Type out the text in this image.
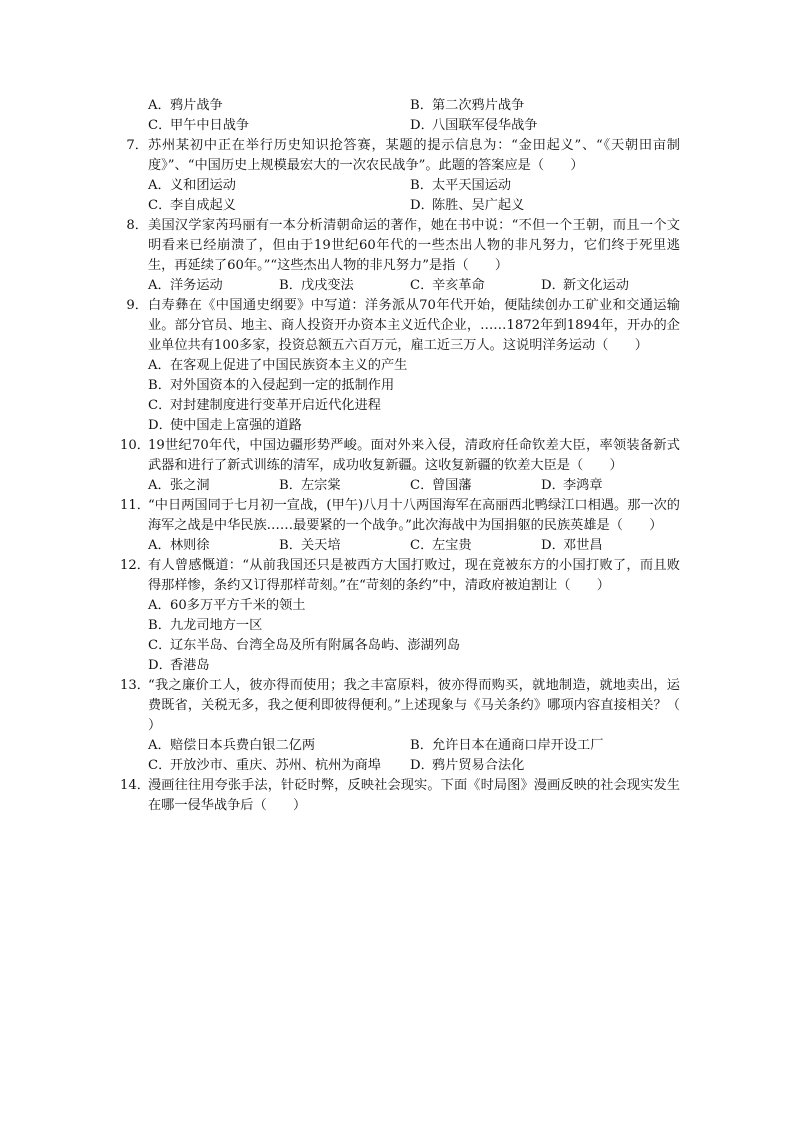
A．鸦片战争	B．第二次鸦片战争
C．甲午中日战争	D．八国联军侵华战争
7． 苏州某初中正在举行历史知识抢答赛，某题的提示信息为：“金田起义”、“《天朝田亩制度》”、“中国历史上规模最宏大的一次农民战争”。此题的答案应是（　　）
A．义和团运动	B．太平天国运动
C．李自成起义	D．陈胜、吴广起义
8． 美国汉学家芮玛丽有一本分析清朝命运的著作，她在书中说：“不但一个王朝，而且一个文明看来已经崩溃了，但由于19世纪60年代的一些杰出人物的非凡努力，它们终于死里逃生，再延续了60年。”“这些杰出人物的非凡努力”是指（　　）
A．洋务运动	B．戊戌变法	C．辛亥革命	D．新文化运动
9． 白寿彝在《中国通史纲要》中写道：洋务派从70年代开始，便陆续创办工矿业和交通运输业。部分官员、地主、商人投资开办资本主义近代企业，……1872年到1894年，开办的企业单位共有100多家，投资总额五六百万元，雇工近三万人。这说明洋务运动（　　）
A．在客观上促进了中国民族资本主义的产生
B．对外国资本的入侵起到一定的抵制作用
C．对封建制度进行变革开启近代化进程
D．使中国走上富强的道路
10．
19世纪70年代，中国边疆形势严峻。面对外来入侵，清政府任命钦差大臣，率领装备新式武器和进行了新式训练的清军，成功收复新疆。这收复新疆的钦差大臣是（　　）
A．张之洞	B．左宗棠	C．曾国藩	D．李鸿章
11．
“中日两国同于七月初一宣战，(甲午)八月十八两国海军在高丽西北鸭绿江口相遇。那一次的海军之战是中华民族……最要紧的一个战争。”此次海战中为国捐躯的民族英雄是（　　）
A．林则徐	B．关天培	C．左宝贵	D．邓世昌
12．
有人曾感慨道：“从前我国还只是被西方大国打败过，现在竟被东方的小国打败了，而且败得那样惨，条约又订得那样苛刻。”在“苛刻的条约”中，清政府被迫割让（　　）
A．60多万平方千米的领土
B．九龙司地方一区
C．辽东半岛、台湾全岛及所有附属各岛屿、澎湖列岛
D．香港岛
13．
“我之廉价工人，彼亦得而使用；我之丰富原料，彼亦得而购买，就地制造，就地卖出，运费既省，关税无多，我之便利即彼得便利。”上述现象与《马关条约》哪项内容直接相关？（　　）
A．赔偿日本兵费白银二亿两	B．允许日本在通商口岸开设工厂
C．开放沙市、重庆、苏州、杭州为商埠	D．鸦片贸易合法化
14．
漫画往往用夸张手法，针砭时弊，反映社会现实。下面《时局图》漫画反映的社会现实发生在哪一侵华战争后（　　）
